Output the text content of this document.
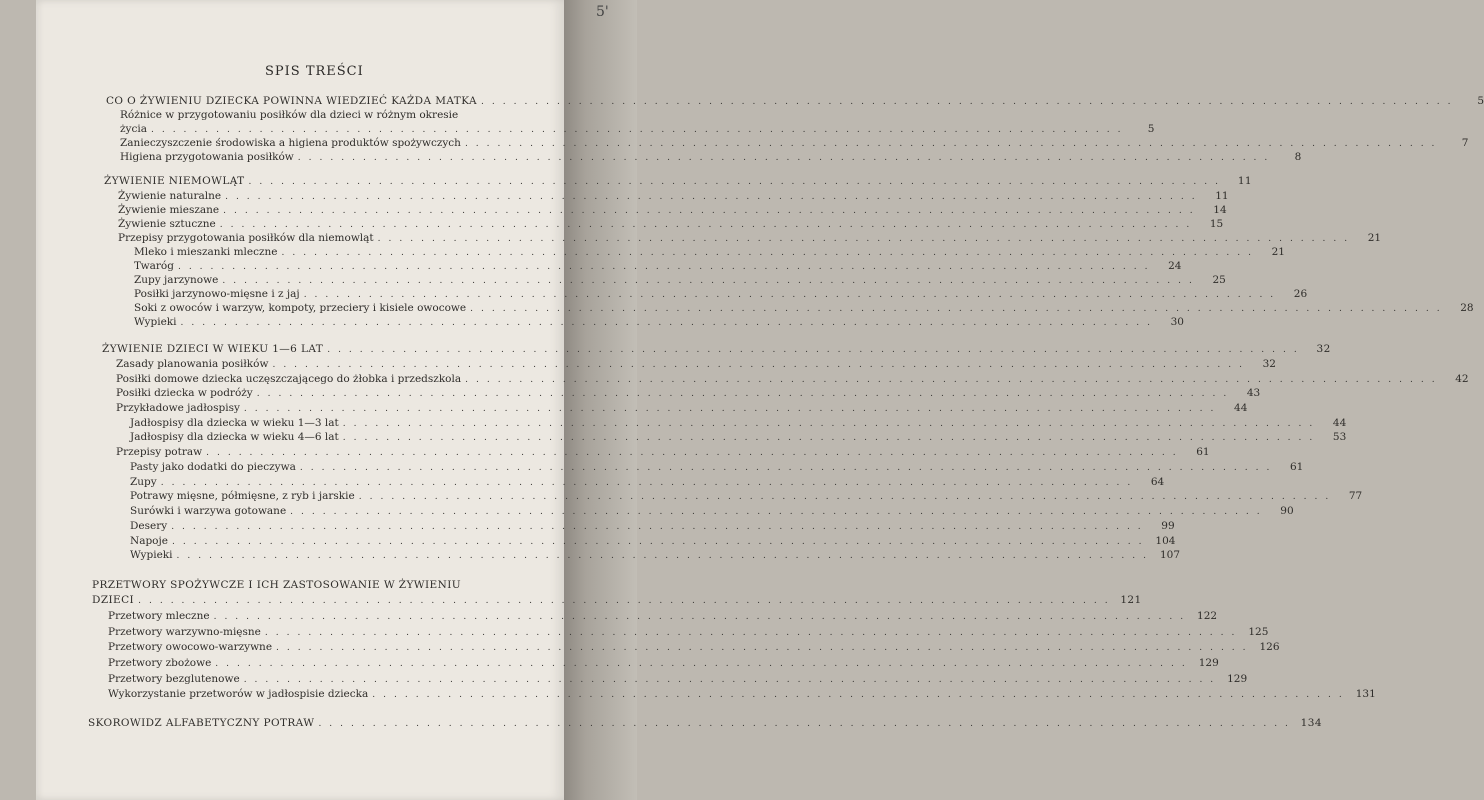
5'
SPIS TREŚCI
CO O ŻYWIENIU DZIECKA POWINNA WIEDZIEĆ KAŻDA MATKA ..........................................................................................	5
Różnice w przygotowaniu posiłków dla dzieci w różnym okresie
życia ..........................................................................................	5
Zanieczyszczenie środowiska a higiena produktów spożywczych ..........................................................................................	7
Higiena przygotowania posiłków ..........................................................................................	8
ŻYWIENIE NIEMOWLĄT ..........................................................................................	11
Żywienie naturalne ..........................................................................................	11
Żywienie mieszane ..........................................................................................	14
Żywienie sztuczne ..........................................................................................	15
Przepisy przygotowania posiłków dla niemowląt ..........................................................................................	21
Mleko i mieszanki mleczne ..........................................................................................	21
Twaróg ..........................................................................................	24
Zupy jarzynowe ..........................................................................................	25
Posiłki jarzynowo-mięsne i z jaj ..........................................................................................	26
Soki z owoców i warzyw, kompoty, przeciery i kisiele owocowe ..........................................................................................	28
Wypieki ..........................................................................................	30
ŻYWIENIE DZIECI W WIEKU 1—6 LAT ..........................................................................................	32
Zasady planowania posiłków ..........................................................................................	32
Posiłki domowe dziecka uczęszczającego do żłobka i przedszkola ..........................................................................................	42
Posiłki dziecka w podróży ..........................................................................................	43
Przykładowe jadłospisy ..........................................................................................	44
Jadłospisy dla dziecka w wieku 1—3 lat ..........................................................................................	44
Jadłospisy dla dziecka w wieku 4—6 lat ..........................................................................................	53
Przepisy potraw ..........................................................................................	61
Pasty jako dodatki do pieczywa ..........................................................................................	61
Zupy ..........................................................................................	64
Potrawy mięsne, półmięsne, z ryb i jarskie ..........................................................................................	77
Surówki i warzywa gotowane ..........................................................................................	90
Desery ..........................................................................................	99
Napoje .......................................................................................... 104
Wypieki .......................................................................................... 107
PRZETWORY SPOŻYWCZE I ICH ZASTOSOWANIE W ŻYWIENIU
DZIECI .......................................................................................... 121
Przetwory mleczne .......................................................................................... 122
Przetwory warzywno-mięsne .......................................................................................... 125
Przetwory owocowo-warzywne .......................................................................................... 126
Przetwory zbożowe .......................................................................................... 129
Przetwory bezglutenowe .......................................................................................... 129
Wykorzystanie przetworów w jadłospisie dziecka .......................................................................................... 131
SKOROWIDZ ALFABETYCZNY POTRAW .......................................................................................... 134
